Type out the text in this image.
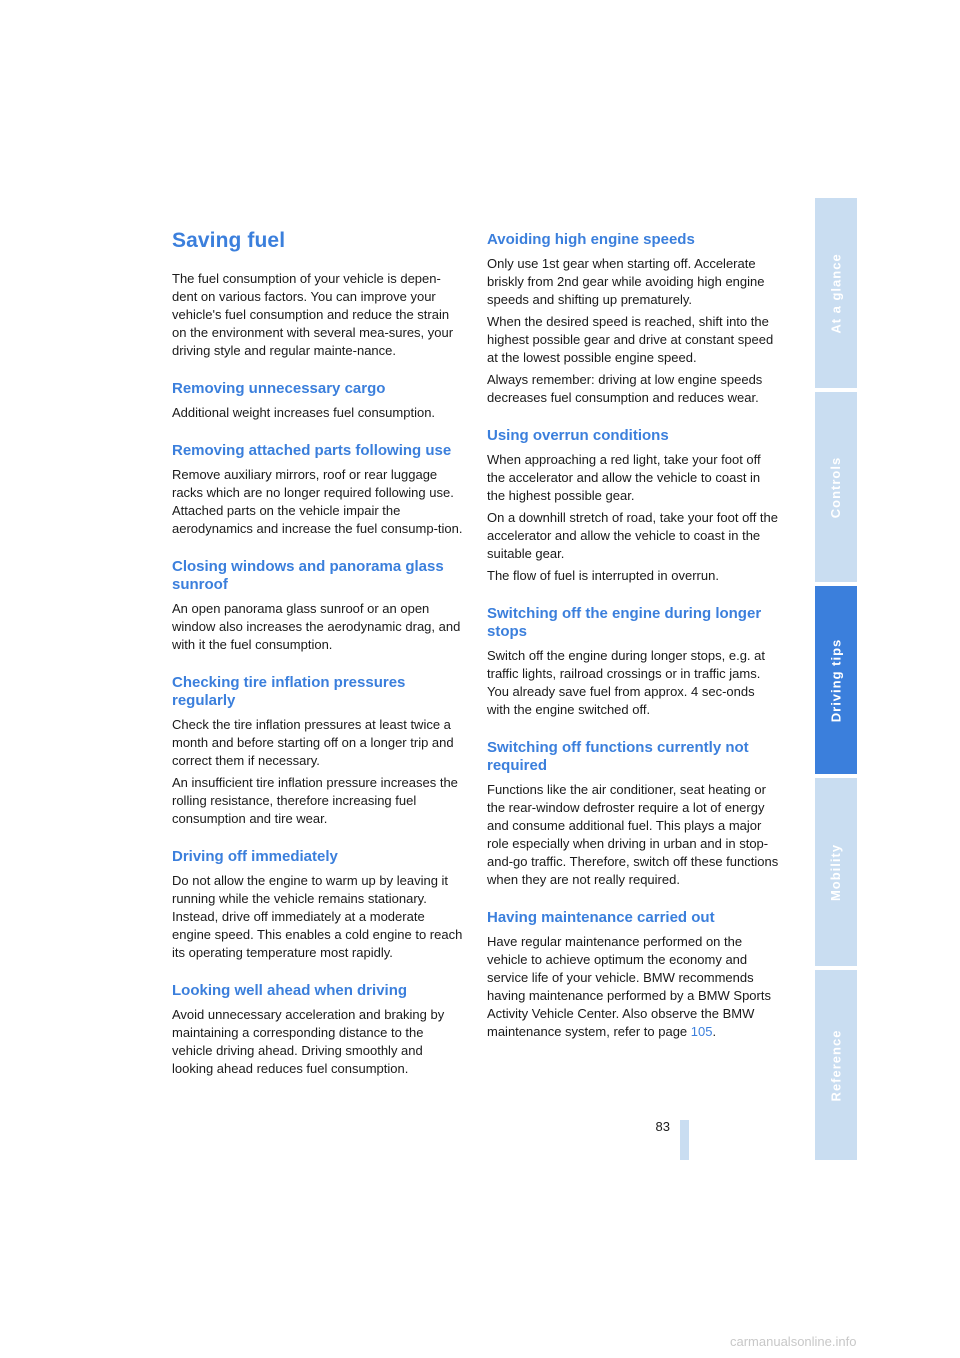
Saving fuel

The fuel consumption of your vehicle is depen-dent on various factors. You can improve your vehicle's fuel consumption and reduce the strain on the environment with several mea-sures, your driving style and regular mainte-nance.

Removing unnecessary cargo

Additional weight increases fuel consumption.

Removing attached parts following use

Remove auxiliary mirrors, roof or rear luggage racks which are no longer required following use. Attached parts on the vehicle impair the aerodynamics and increase the fuel consump-tion.

Closing windows and panorama glass sunroof

An open panorama glass sunroof or an open window also increases the aerodynamic drag, and with it the fuel consumption.

Checking tire inflation pressures regularly

Check the tire inflation pressures at least twice a month and before starting off on a longer trip and correct them if necessary.

An insufficient tire inflation pressure increases the rolling resistance, therefore increasing fuel consumption and tire wear.

Driving off immediately

Do not allow the engine to warm up by leaving it running while the vehicle remains stationary. Instead, drive off immediately at a moderate engine speed. This enables a cold engine to reach its operating temperature most rapidly.

Looking well ahead when driving

Avoid unnecessary acceleration and braking by maintaining a corresponding distance to the vehicle driving ahead. Driving smoothly and looking ahead reduces fuel consumption.

Avoiding high engine speeds

Only use 1st gear when starting off. Accelerate briskly from 2nd gear while avoiding high engine speeds and shifting up prematurely.

When the desired speed is reached, shift into the highest possible gear and drive at constant speed at the lowest possible engine speed.

Always remember: driving at low engine speeds decreases fuel consumption and reduces wear.

Using overrun conditions

When approaching a red light, take your foot off the accelerator and allow the vehicle to coast in the highest possible gear.

On a downhill stretch of road, take your foot off the accelerator and allow the vehicle to coast in the suitable gear.

The flow of fuel is interrupted in overrun.

Switching off the engine during longer stops

Switch off the engine during longer stops, e.g. at traffic lights, railroad crossings or in traffic jams. You already save fuel from approx. 4 sec-onds with the engine switched off.

Switching off functions currently not required

Functions like the air conditioner, seat heating or the rear-window defroster require a lot of energy and consume additional fuel. This plays a major role especially when driving in urban and in stop-and-go traffic. Therefore, switch off these functions when they are not really required.

Having maintenance carried out

Have regular maintenance performed on the vehicle to achieve optimum the economy and service life of your vehicle. BMW recommends having maintenance performed by a BMW Sports Activity Vehicle Center. Also observe the BMW maintenance system, refer to page 105.

At a glance
Controls
Driving tips
Mobility
Reference
83
carmanualsonline.info
